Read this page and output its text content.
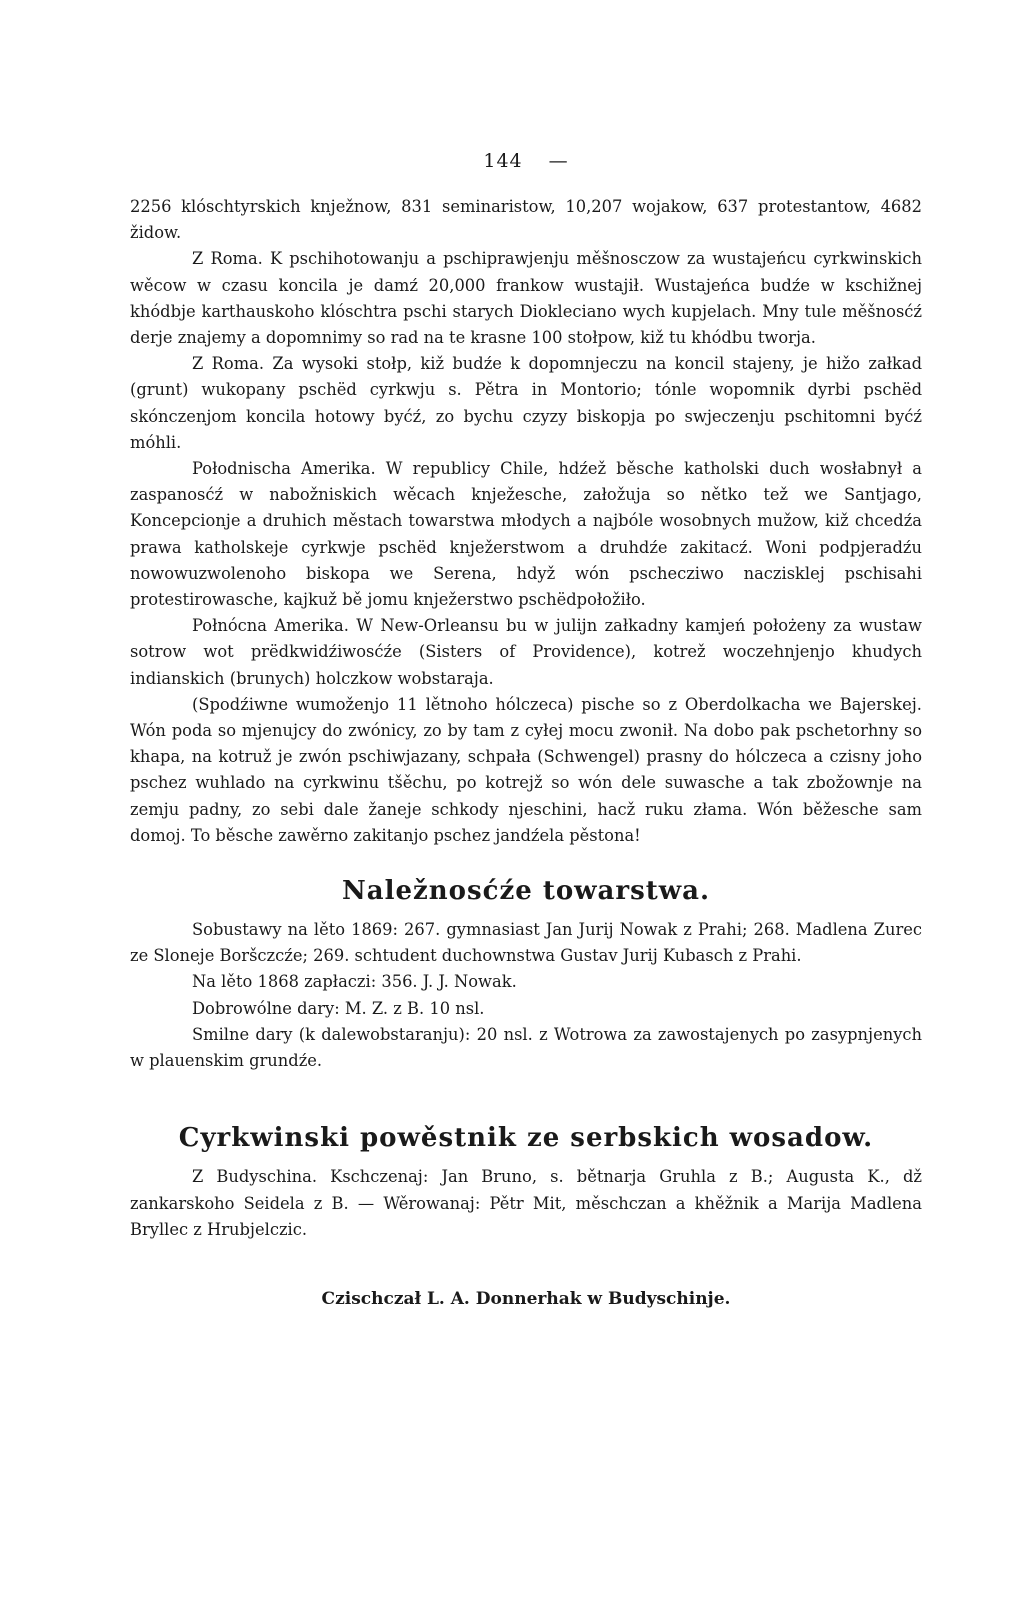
144 —

2256 klóschtyrskich knježnow, 831 seminaristow, 10,207 wojakow, 637 protestantow, 4682 židow.

Z Roma. K pschihotowanju a pschiprawjenju měšnosczow za wustajeńcu cyrkwinskich wěcow w czasu koncila je damź 20,000 frankow wustajił. Wustajeńca budźe w kschižnej khódbje karthauskoho klóschtra pschi starych Diokleciano wych kupjelach. Mny tule měšnosćź derje znajemy a dopomnimy so rad na te krasne 100 stołpow, kiž tu khódbu tworja.

Z Roma. Za wysoki stołp, kiž budźe k dopomnjeczu na koncil stajeny, je hižo załkad (grunt) wukopany pschëd cyrkwju s. Pětra in Montorio; tónle wopomnik dyrbi pschëd skónczenjom koncila hotowy byćź, zo bychu czyzy biskopja po swjeczenju pschitomni byćź móhli.

Połodnischa Amerika. W republicy Chile, hdźež běsche katholski duch wosłabnył a zaspanosćź w nabožniskich wěcach knježesche, załožuja so nětko tež we Santjago, Koncepcionje a druhich městach towarstwa młodych a najbóle wosobnych mužow, kiž chcedźa prawa katholskeje cyrkwje pschëd knježerstwom a druhdźe zakitacź. Woni podpjeradźu nowowuzwolenoho biskopa we Serena, hdyž wón pschecziwo naczisklej pschisahi protestirowasche, kajkuž bě jomu knježerstwo pschëdpołožiło.

Połnócna Amerika. W New-Orleansu bu w julijn załkadny kamjeń położeny za wustaw sotrow wot prëdkwidźiwosćźe (Sisters of Providence), kotrež woczehnjenjo khudych indianskich (brunych) holczkow wobstaraja.

(Spodźiwne wumoženjo 11 lětnoho hólczeca) pische so z Oberdolkacha we Bajerskej. Wón poda so mjenujcy do zwónicy, zo by tam z cyłej mocu zwonił. Na dobo pak pschetorhny so khapa, na kotruž je zwón pschiwjazany, schpała (Schwengel) prasny do hólczeca a czisny joho pschez wuhlado na cyrkwinu tšěchu, po kotrejž so wón dele suwasche a tak zbožownje na zemju padny, zo sebi dale žaneje schkody njeschini, hacž ruku złama. Wón běžesche sam domoj. To běsche zawěrno zakitanjo pschez jandźela pěstona!

Naležnosćźe towarstwa.

Sobustawy na lěto 1869: 267. gymnasiast Jan Jurij Nowak z Prahi; 268. Madlena Zurec ze Sloneje Boršczcźe; 269. schtudent duchownstwa Gustav Jurij Kubasch z Prahi.

Na lěto 1868 zapłaczi: 356. J. J. Nowak.

Dobrowólne dary: M. Z. z B. 10 nsl.

Smilne dary (k dalewobstaranju): 20 nsl. z Wotrowa za zawostajenych po zasypnjenych w plauenskim grundźe.

Cyrkwinski powěstnik ze serbskich wosadow.

Z Budyschina. Kschczenaj: Jan Bruno, s. bětnarja Gruhla z B.; Augusta K., dž zankarskoho Seidela z B. — Wěrowanaj: Pětr Mit, měschczan a khěžnik a Marija Madlena Bryllec z Hrubjelczic.

Czischczał L. A. Donnerhak w Budyschinje.
